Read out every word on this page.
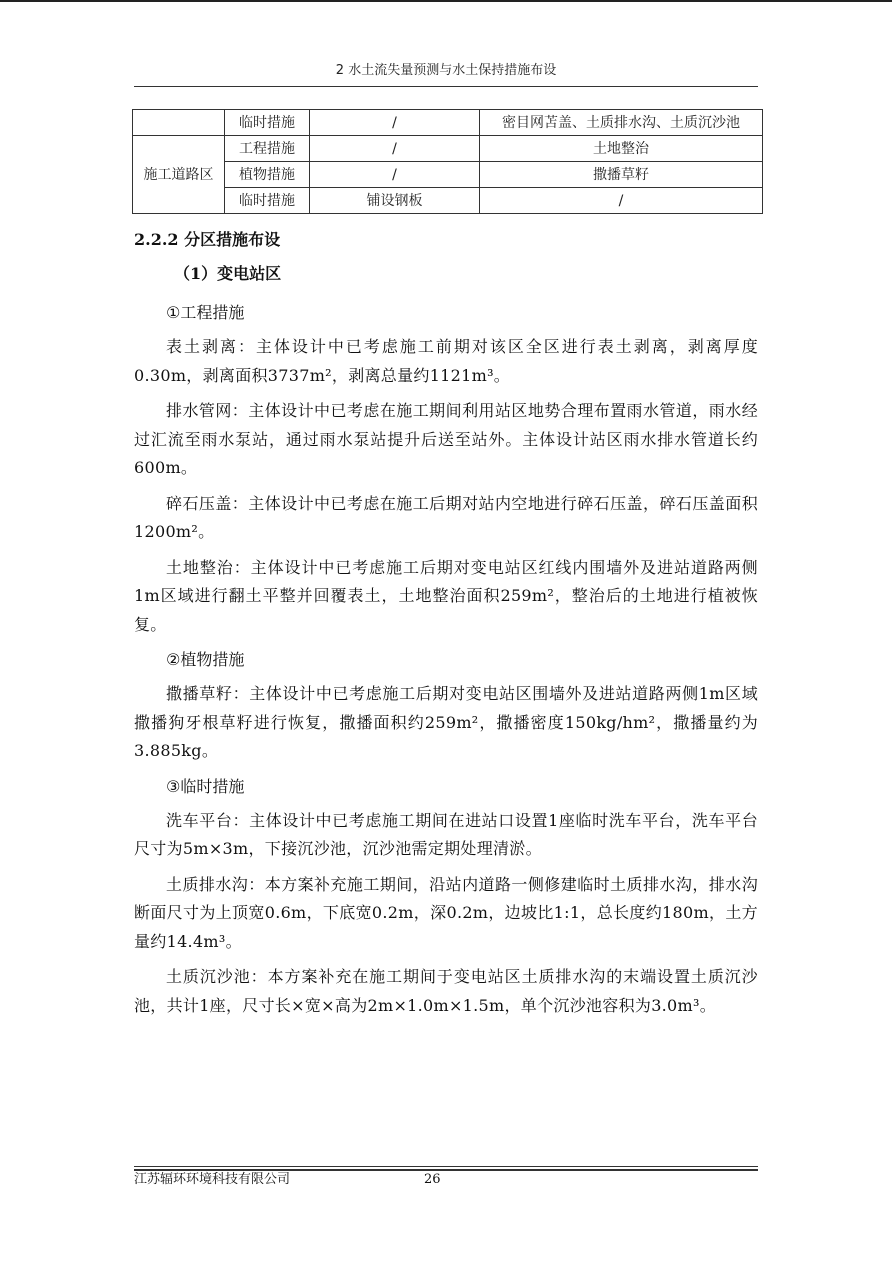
2 水土流失量预测与水土保持措施布设
	临时措施	/	密目网苫盖、土质排水沟、土质沉沙池
施工道路区	工程措施	/	土地整治
	植物措施	/	撒播草籽
	临时措施	铺设钢板	/
2.2.2 分区措施布设
（1）变电站区
①工程措施

表土剥离：主体设计中已考虑施工前期对该区全区进行表土剥离，剥离厚度0.30m，剥离面积3737m²，剥离总量约1121m³。

排水管网：主体设计中已考虑在施工期间利用站区地势合理布置雨水管道，雨水经过汇流至雨水泵站，通过雨水泵站提升后送至站外。主体设计站区雨水排水管道长约600m。

碎石压盖：主体设计中已考虑在施工后期对站内空地进行碎石压盖，碎石压盖面积1200m²。

土地整治：主体设计中已考虑施工后期对变电站区红线内围墙外及进站道路两侧1m区域进行翻土平整并回覆表土，土地整治面积259m²，整治后的土地进行植被恢复。

②植物措施

撒播草籽：主体设计中已考虑施工后期对变电站区围墙外及进站道路两侧1m区域撒播狗牙根草籽进行恢复，撒播面积约259m²，撒播密度150kg/hm²，撒播量约为3.885kg。

③临时措施

洗车平台：主体设计中已考虑施工期间在进站口设置1座临时洗车平台，洗车平台尺寸为5m×3m，下接沉沙池，沉沙池需定期处理清淤。

土质排水沟：本方案补充施工期间，沿站内道路一侧修建临时土质排水沟，排水沟断面尺寸为上顶宽0.6m，下底宽0.2m，深0.2m，边坡比1:1，总长度约180m，土方量约14.4m³。

土质沉沙池：本方案补充在施工期间于变电站区土质排水沟的末端设置土质沉沙池，共计1座，尺寸长×宽×高为2m×1.0m×1.5m，单个沉沙池容积为3.0m³。

江苏辐环环境科技有限公司	26
